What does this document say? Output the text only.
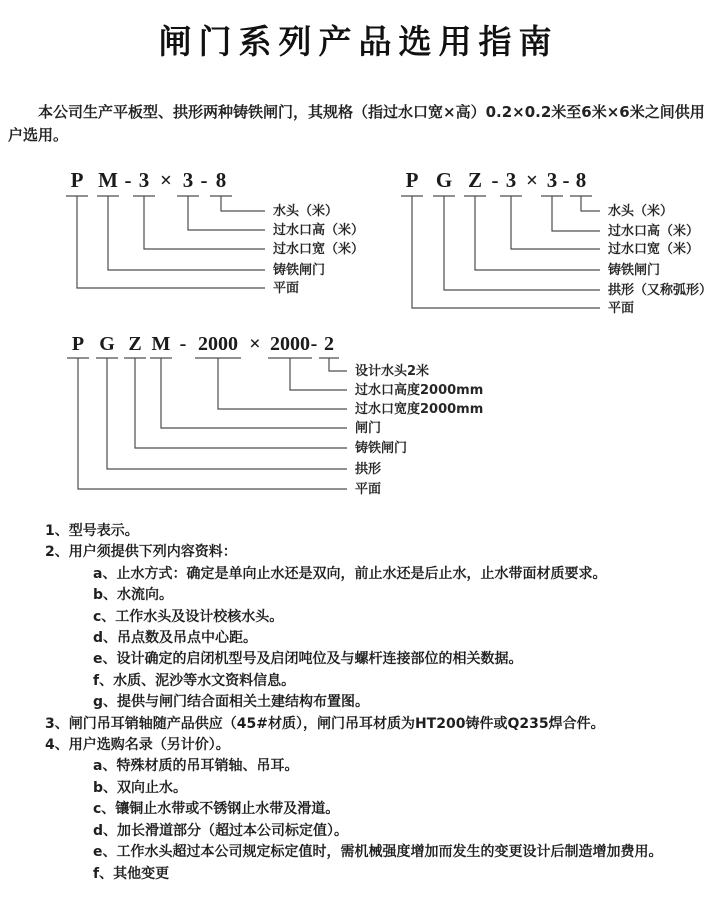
闸门系列产品选用指南

本公司生产平板型、拱形两种铸铁闸门，其规格（指过水口宽×高）0.2×0.2米至6米×6米之间供用户选用。

P M - 3 × 3 - 8
水头（米）
过水口高（米）
过水口宽（米）
铸铁闸门
平面
P G Z - 3 × 3 - 8
水头（米）
过水口高（米）
过水口宽（米）
铸铁闸门
拱形（又称弧形）
平面
P G Z M - 2000 × 2000 - 2
设计水头2米
过水口高度2000mm
过水口宽度2000mm
闸门
铸铁闸门
拱形
平面
1、型号表示。
2、用户须提供下列内容资料：
a、止水方式：确定是单向止水还是双向，前止水还是后止水，止水带面材质要求。
b、水流向。
c、工作水头及设计校核水头。
d、吊点数及吊点中心距。
e、设计确定的启闭机型号及启闭吨位及与螺杆连接部位的相关数据。
f、水质、泥沙等水文资料信息。
g、提供与闸门结合面相关土建结构布置图。
3、闸门吊耳销轴随产品供应（45#材质），闸门吊耳材质为HT200铸件或Q235焊合件。
4、用户选购名录（另计价）。
a、特殊材质的吊耳销轴、吊耳。
b、双向止水。
c、镶铜止水带或不锈钢止水带及滑道。
d、加长滑道部分（超过本公司标定值）。
e、工作水头超过本公司规定标定值时，需机械强度增加而发生的变更设计后制造增加费用。
f、其他变更
